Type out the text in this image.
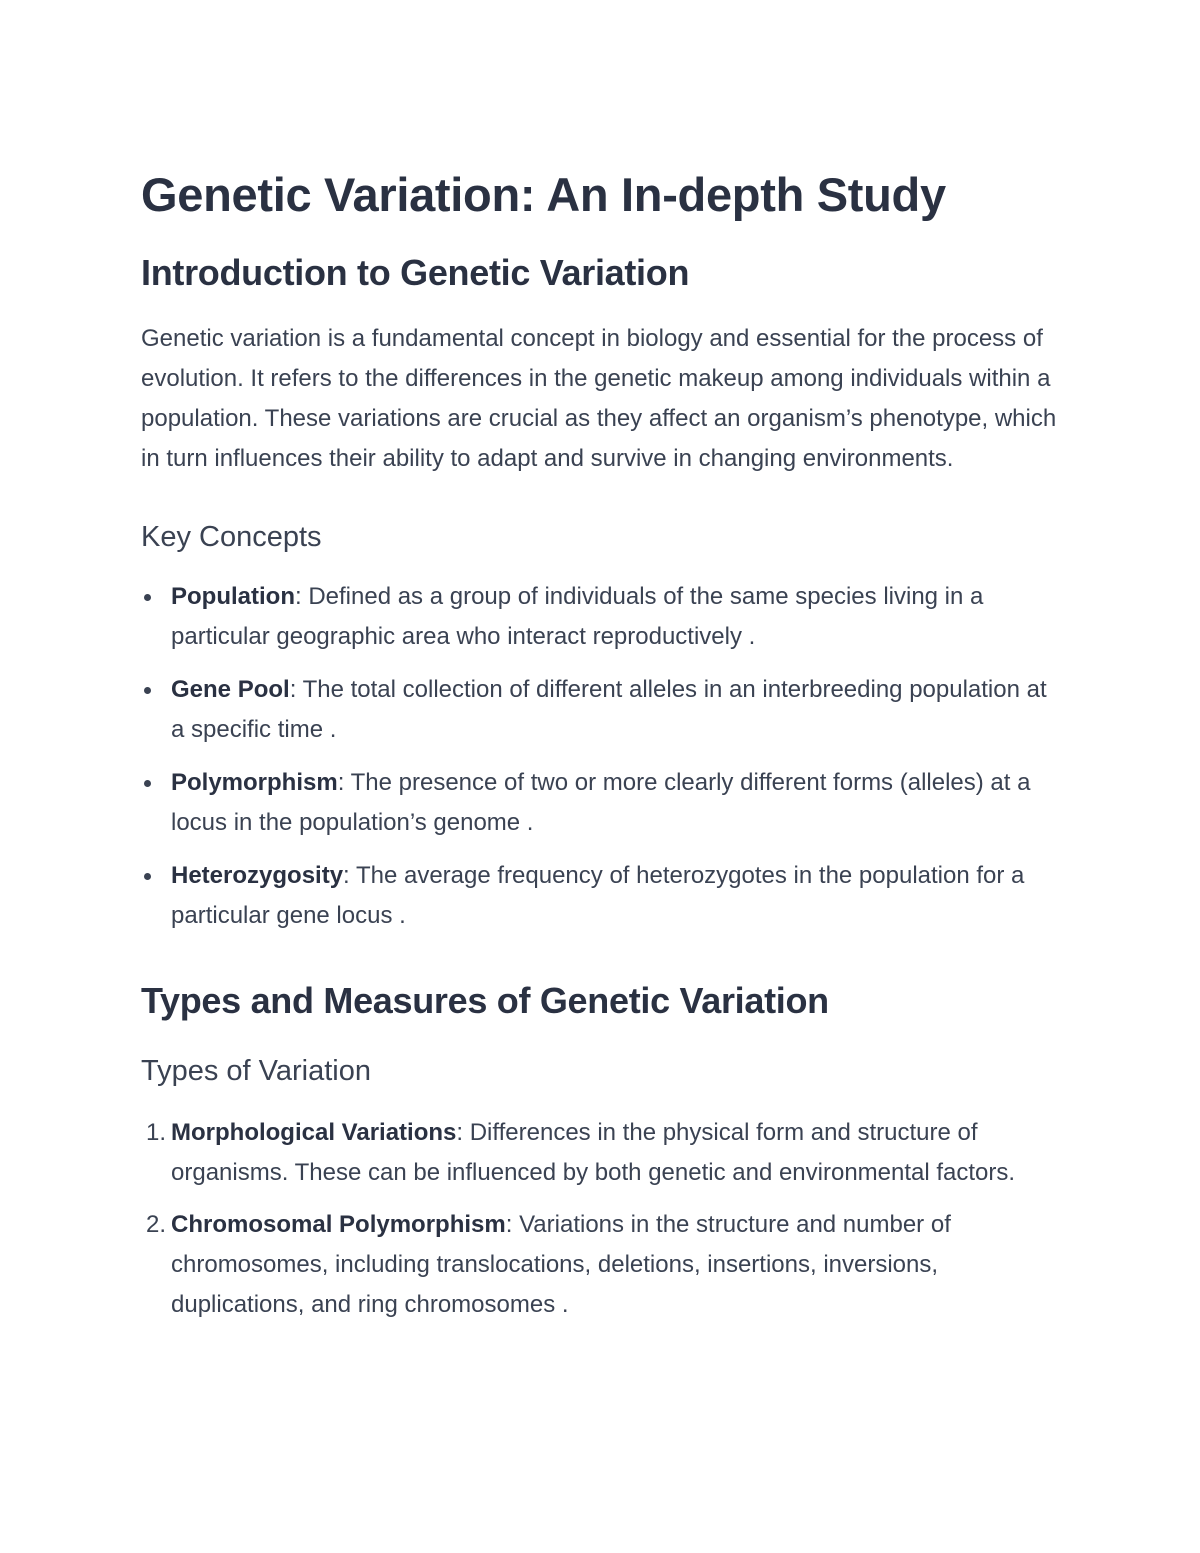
Genetic Variation: An In-depth Study
Introduction to Genetic Variation

Genetic variation is a fundamental concept in biology and essential for the process of evolution. It refers to the differences in the genetic makeup among individuals within a population. These variations are crucial as they affect an organism’s phenotype, which in turn influences their ability to adapt and survive in changing environments.

Key Concepts
Population: Defined as a group of individuals of the same species living in a particular geographic area who interact reproductively .
Gene Pool: The total collection of different alleles in an interbreeding population at a specific time .
Polymorphism: The presence of two or more clearly different forms (alleles) at a locus in the population’s genome .
Heterozygosity: The average frequency of heterozygotes in the population for a particular gene locus .
Types and Measures of Genetic Variation
Types of Variation
1. Morphological Variations: Differences in the physical form and structure of organisms. These can be influenced by both genetic and environmental factors.
2. Chromosomal Polymorphism: Variations in the structure and number of chromosomes, including translocations, deletions, insertions, inversions, duplications, and ring chromosomes .
